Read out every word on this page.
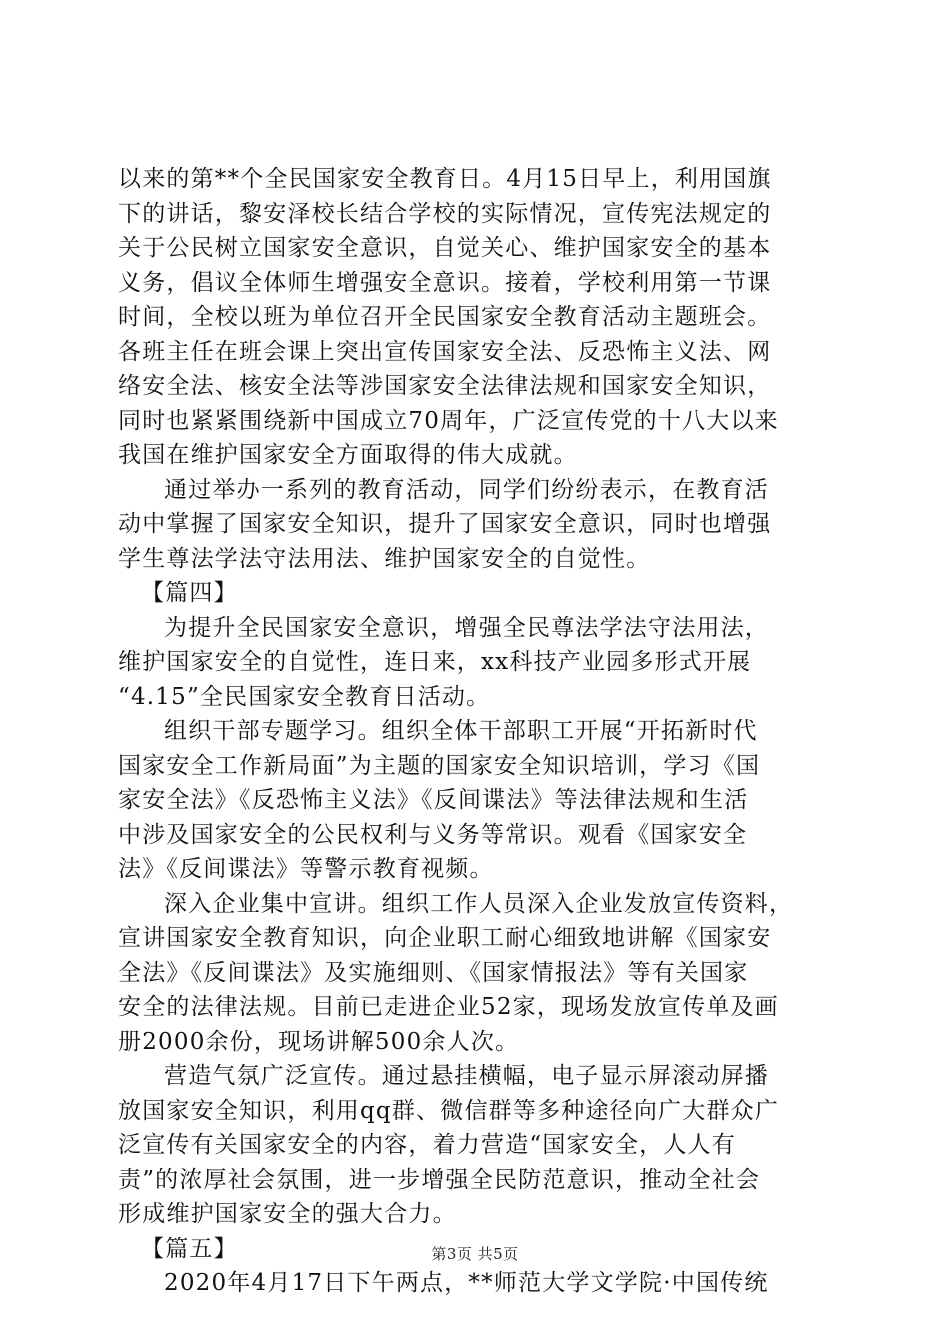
以来的第**个全民国家安全教育日。4月15日早上，利用国旗
下的讲话，黎安泽校长结合学校的实际情况，宣传宪法规定的
关于公民树立国家安全意识，自觉关心、维护国家安全的基本
义务，倡议全体师生增强安全意识。接着，学校利用第一节课
时间，全校以班为单位召开全民国家安全教育活动主题班会。
各班主任在班会课上突出宣传国家安全法、反恐怖主义法、网
络安全法、核安全法等涉国家安全法律法规和国家安全知识，
同时也紧紧围绕新中国成立70周年，广泛宣传党的十八大以来
我国在维护国家安全方面取得的伟大成就。
通过举办一系列的教育活动，同学们纷纷表示，在教育活
动中掌握了国家安全知识，提升了国家安全意识，同时也增强
学生尊法学法守法用法、维护国家安全的自觉性。
【篇四】
为提升全民国家安全意识，增强全民尊法学法守法用法，
维护国家安全的自觉性，连日来，xx科技产业园多形式开展
“4.15”全民国家安全教育日活动。
组织干部专题学习。组织全体干部职工开展“开拓新时代
国家安全工作新局面”为主题的国家安全知识培训，学习《国
家安全法》《反恐怖主义法》《反间谍法》等法律法规和生活
中涉及国家安全的公民权利与义务等常识。观看《国家安全
法》《反间谍法》等警示教育视频。
深入企业集中宣讲。组织工作人员深入企业发放宣传资料，
宣讲国家安全教育知识，向企业职工耐心细致地讲解《国家安
全法》《反间谍法》及实施细则、《国家情报法》等有关国家
安全的法律法规。目前已走进企业52家，现场发放宣传单及画
册2000余份，现场讲解500余人次。
营造气氛广泛宣传。通过悬挂横幅，电子显示屏滚动屏播
放国家安全知识，利用qq群、微信群等多种途径向广大群众广
泛宣传有关国家安全的内容，着力营造“国家安全，人人有
责”的浓厚社会氛围，进一步增强全民防范意识，推动全社会
形成维护国家安全的强大合力。
【篇五】
2020年4月17日下午两点，**师范大学文学院·中国传统
第3页 共5页
